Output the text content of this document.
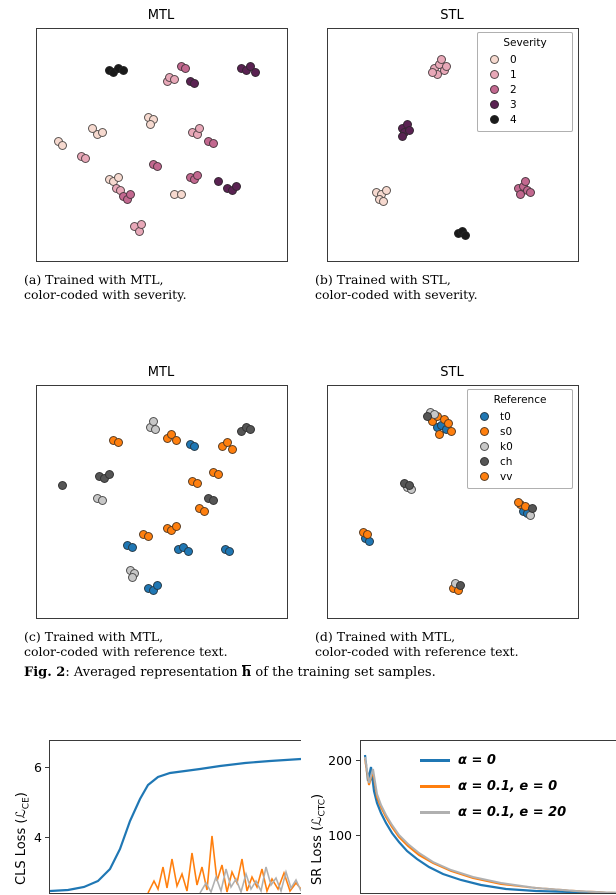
MTL
(a) Trained with MTL,
color-coded with severity.
STL
Severity
0
1
2
3
4
(b) Trained with STL,
color-coded with severity.
MTL
(c) Trained with MTL,
color-coded with reference text.
STL
Reference
t0
s0
k0
ch
vv
(d) Trained with MTL,
color-coded with reference text.
Fig. 2: Averaged representation h of the training set samples.
CLS Loss (ℒ$_{CE}$)
6
4	SR Loss (ℒ$_{CTC}$)
200
100
α = 0
α = 0.1, e = 0
α = 0.1, e = 20
